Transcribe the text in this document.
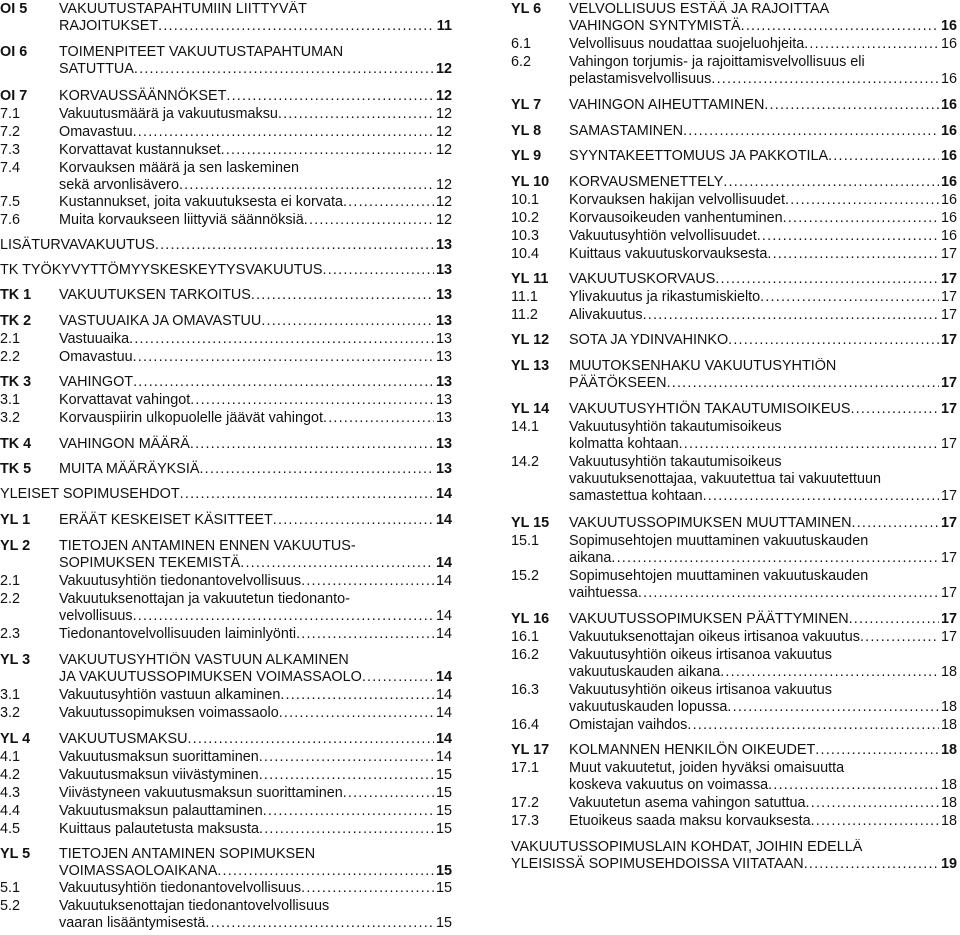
OI 5	VAKUUTUSTAPAHTUMIIN LIITTYVÄT
RAJOITUKSET .....	11
OI 6	TOIMENPITEET VAKUUTUSTAPAHTUMAN
SATUTTUA .....	12
OI 7	KORVAUSSÄÄNNÖKSET .....	12
7.1	Vakuutusmäärä ja vakuutusmaksu .....	12
7.2	Omavastuu .....	12
7.3	Korvattavat kustannukset .....	12
7.4	Korvauksen määrä ja sen laskeminen
sekä arvonlisävero .....	12
7.5	Kustannukset, joita vakuutuksesta ei korvata .....	12
7.6	Muita korvaukseen liittyviä säännöksiä .....	12
LISÄTURVAVAKUUTUS .....	13
TK TYÖKYVYTTÖMYYSKESKEYTYSVAKUUTUS .....	13
TK 1	VAKUUTUKSEN TARKOITUS .....	13
TK 2	VASTUUAIKA JA OMAVASTUU .....	13
2.1	Vastuuaika .....	13
2.2	Omavastuu .....	13
TK 3	VAHINGOT .....	13
3.1	Korvattavat vahingot .....	13
3.2	Korvauspiirin ulkopuolelle jäävät vahingot .....	13
TK 4	VAHINGON MÄÄRÄ .....	13
TK 5	MUITA MÄÄRÄYKSIÄ .....	13
YLEISET SOPIMUSEHDOT .....	14
YL 1	ERÄÄT KESKEISET KÄSITTEET .....	14
YL 2	TIETOJEN ANTAMINEN ENNEN VAKUUTUS-
SOPIMUKSEN TEKEMISTÄ .....	14
2.1	Vakuutusyhtiön tiedonantovelvollisuus .....	14
2.2	Vakuutuksenottajan ja vakuutetun tiedonanto-
velvollisuus .....	14
2.3	Tiedonantovelvollisuuden laiminlyönti .....	14
YL 3	VAKUUTUSYHTIÖN VASTUUN ALKAMINEN
JA VAKUUTUSSOPIMUKSEN VOIMASSAOLO .....	14
3.1	Vakuutusyhtiön vastuun alkaminen .....	14
3.2	Vakuutussopimuksen voimassaolo .....	14
YL 4	VAKUUTUSMAKSU .....	14
4.1	Vakuutusmaksun suorittaminen .....	14
4.2	Vakuutusmaksun viivästyminen .....	15
4.3	Viivästyneen vakuutusmaksun suorittaminen .....	15
4.4	Vakuutusmaksun palauttaminen .....	15
4.5	Kuittaus palautetusta maksusta .....	15
YL 5	TIETOJEN ANTAMINEN SOPIMUKSEN
VOIMASSAOLOAIKANA .....	15
5.1	Vakuutusyhtiön tiedonantovelvollisuus .....	15
5.2	Vakuutuksenottajan tiedonantovelvollisuus
vaaran lisääntymisestä .....	15
YL 6	VELVOLLISUUS ESTÄÄ JA RAJOITTAA
VAHINGON SYNTYMISTÄ .....	16
6.1	Velvollisuus noudattaa suojeluohjeita .....	16
6.2	Vahingon torjumis- ja rajoittamisvelvollisuus eli
pelastamisvelvollisuus .....	16
YL 7	VAHINGON AIHEUTTAMINEN .....	16
YL 8	SAMASTAMINEN .....	16
YL 9	SYYNTAKEETTOMUUS JA PAKKOTILA .....	16
YL 10	KORVAUSMENETTELY .....	16
10.1	Korvauksen hakijan velvollisuudet .....	16
10.2	Korvausoikeuden vanhentuminen .....	16
10.3	Vakuutusyhtiön velvollisuudet .....	16
10.4	Kuittaus vakuutuskorvauksesta .....	17
YL 11	VAKUUTUSKORVAUS .....	17
11.1	Ylivakuutus ja rikastumiskielto .....	17
11.2	Alivakuutus .....	17
YL 12	SOTA JA YDINVAHINKO .....	17
YL 13	MUUTOKSENHAKU VAKUUTUSYHTIÖN
PÄÄTÖKSEEN .....	17
YL 14	VAKUUTUSYHTIÖN TAKAUTUMISOIKEUS .....	17
14.1	Vakuutusyhtiön takautumisoikeus
kolmatta kohtaan .....	17
14.2	Vakuutusyhtiön takautumisoikeus
vakuutuksenottajaa, vakuutettua tai vakuutettuun
samastettua kohtaan .....	17
YL 15	VAKUUTUSSOPIMUKSEN MUUTTAMINEN .....	17
15.1	Sopimusehtojen muuttaminen vakuutuskauden
aikana .....	17
15.2	Sopimusehtojen muuttaminen vakuutuskauden
vaihtuessa .....	17
YL 16	VAKUUTUSSOPIMUKSEN PÄÄTTYMINEN .....	17
16.1	Vakuutuksenottajan oikeus irtisanoa vakuutus .....	17
16.2	Vakuutusyhtiön oikeus irtisanoa vakuutus
vakuutuskauden aikana .....	18
16.3	Vakuutusyhtiön oikeus irtisanoa vakuutus
vakuutuskauden lopussa .....	18
16.4	Omistajan vaihdos .....	18
YL 17	KOLMANNEN HENKILÖN OIKEUDET .....	18
17.1	Muut vakuutetut, joiden hyväksi omaisuutta
koskeva vakuutus on voimassa .....	18
17.2	Vakuutetun asema vahingon satuttua .....	18
17.3	Etuoikeus saada maksu korvauksesta .....	18
VAKUUTUSSOPIMUSLAIN KOHDAT, JOIHIN EDELLÄ
YLEISISSÄ SOPIMUSEHDOISSA VIITATAAN .....	19
